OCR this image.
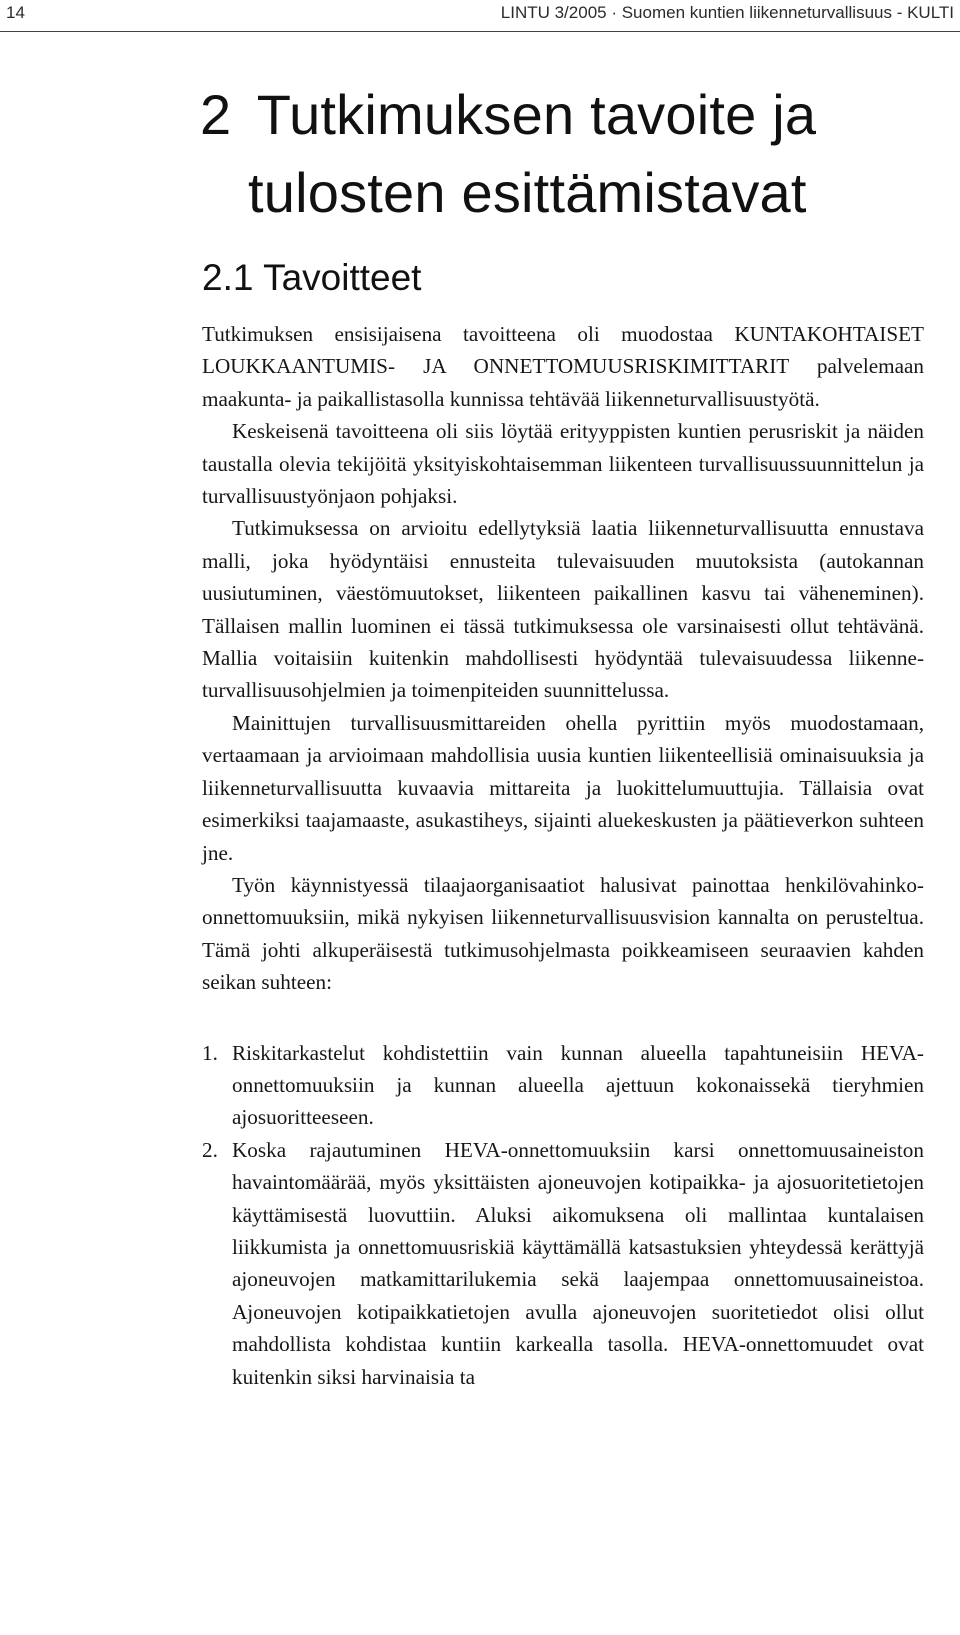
14	LINTU 3/2005 · Suomen kuntien liikenneturvallisuus - KULTI
2 Tutkimuksen tavoite ja
tulosten esittämistavat
2.1 Tavoitteet

Tutkimuksen ensisijaisena tavoitteena oli muodostaa KUNTAKOHTAISET LOUKKAANTUMIS- JA ONNETTOMUUSRISKIMITTARIT palvelemaan maakunta- ja paikallistasolla kunnissa tehtävää liikenneturvallisuustyötä.

Keskeisenä tavoitteena oli siis löytää erityyppisten kuntien perusriskit ja näiden taustalla olevia tekijöitä yksityiskohtaisemman liikenteen turvallisuussuunnittelun ja turvallisuustyönjaon pohjaksi.

Tutkimuksessa on arvioitu edellytyksiä laatia liikenneturvallisuutta ennustava malli, joka hyödyntäisi ennusteita tulevaisuuden muutoksista (autokannan uusiutuminen, väestömuutokset, liikenteen paikallinen kasvu tai väheneminen). Tällaisen mallin luominen ei tässä tutkimuksessa ole varsinaisesti ollut tehtävänä. Mallia voitaisiin kuitenkin mahdollisesti hyödyntää tulevaisuudessa liikenneturvallisuusohjelmien ja toimenpiteiden suunnittelussa.

Mainittujen turvallisuusmittareiden ohella pyrittiin myös muodostamaan, vertaamaan ja arvioimaan mahdollisia uusia kuntien liikenteellisiä ominaisuuksia ja liikenneturvallisuutta kuvaavia mittareita ja luokittelumuuttujia. Tällaisia ovat esimerkiksi taajamaaste, asukastiheys, sijainti aluekeskusten ja päätieverkon suhteen jne.

Työn käynnistyessä tilaajaorganisaatiot halusivat painottaa henkilövahinko-onnettomuuksiin, mikä nykyisen liikenneturvallisuusvision kannalta on perusteltua. Tämä johti alkuperäisestä tutkimusohjelmasta poikkeamiseen seuraavien kahden seikan suhteen:

1. Riskitarkastelut kohdistettiin vain kunnan alueella tapahtuneisiin HEVA-onnettomuuksiin ja kunnan alueella ajettuun kokonaissekä tieryhmien ajosuoritteeseen.
2. Koska rajautuminen HEVA-onnettomuuksiin karsi onnettomuusaineiston havaintomäärää, myös yksittäisten ajoneuvojen kotipaikka- ja ajosuoritetietojen käyttämisestä luovuttiin. Aluksi aikomuksena oli mallintaa kuntalaisen liikkumista ja onnettomuusriskiä käyttämällä katsastuksien yhteydessä kerättyjä ajoneuvojen matkamittarilukemia sekä laajempaa onnettomuusaineistoa. Ajoneuvojen kotipaikkatietojen avulla ajoneuvojen suoritetiedot olisi ollut mahdollista kohdistaa kuntiin karkealla tasolla. HEVA-onnettomuudet ovat kuitenkin siksi harvinaisia ta
